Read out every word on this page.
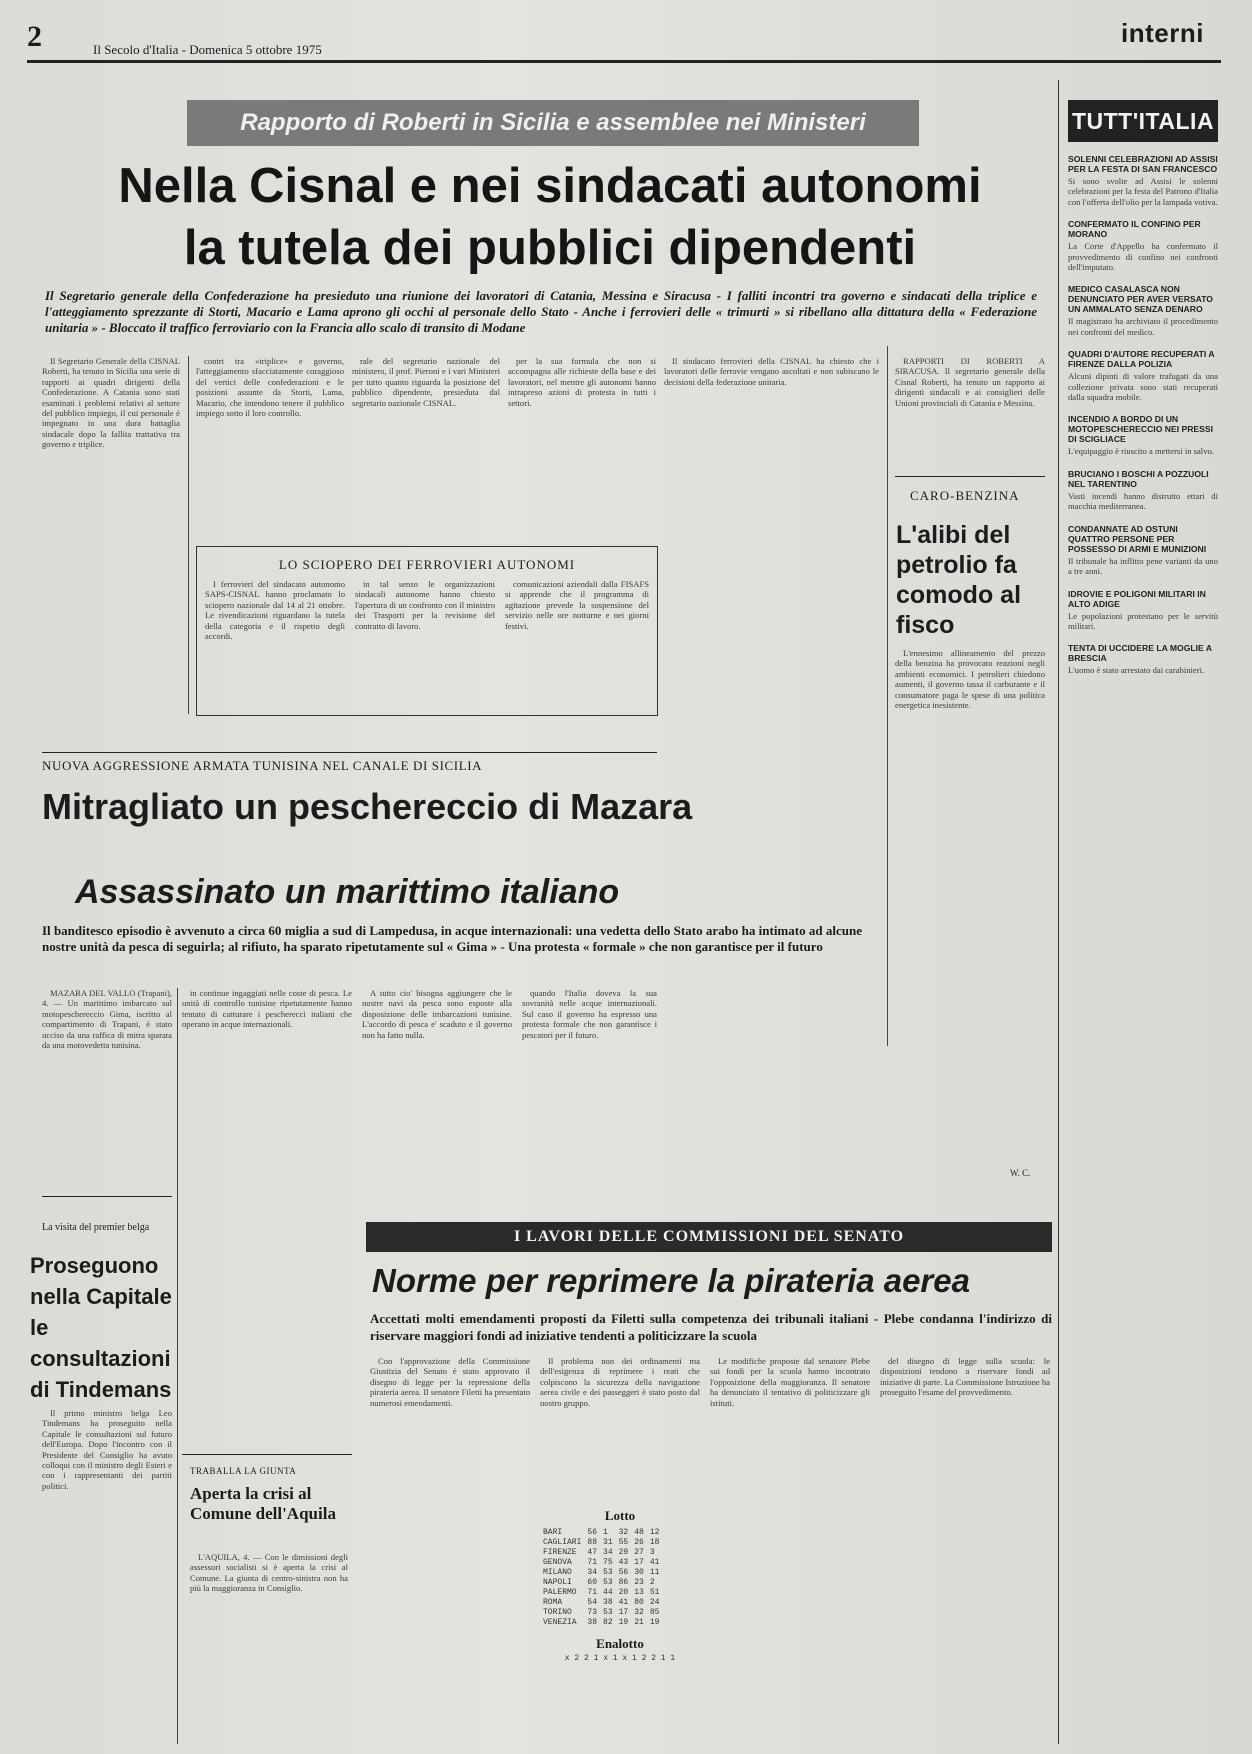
2	Il Secolo d'Italia - Domenica 5 ottobre 1975
interni
Rapporto di Roberti in Sicilia e assemblee nei Ministeri
Nella Cisnal e nei sindacati autonomi
la tutela dei pubblici dipendenti
Il Segretario generale della Confederazione ha presieduto una riunione dei lavoratori di Catania, Messina e Siracusa - I falliti incontri tra governo e sindacati della triplice e l'atteggiamento sprezzante di Storti, Macario e Lama aprono gli occhi al personale dello Stato - Anche i ferrovieri delle « trimurti » si ribellano alla dittatura della « Federazione unitaria » - Bloccato il traffico ferroviario con la Francia allo scalo di transito di Modane

Il Segretario Generale della CISNAL Roberti, ha tenuto in Sicilia una serie di rapporti ai quadri dirigenti della Confederazione. A Catania sono stati esaminati i problemi relativi al settore del pubblico impiego, il cui personale è impegnato in una dura battaglia sindacale dopo la fallita trattativa tra governo e triplice.

contri tra «triplice» e governo, l'atteggiamento sfacciatamente coraggioso del vertici delle confederazioni e le posizioni assunte da Storti, Lama, Macario, che intendono tenere il pubblico impiego sotto il loro controllo.

rale del segretario nazionale del ministero, il prof. Pieroni e i vari Ministeri per tutto quanto riguarda la posizione del pubblico dipendente, presieduta dal segretario nazionale CISNAL.

per la sua formula che non si accompagna alle richieste della base e dei lavoratori, nel mentre gli autonomi hanno intrapreso azioni di protesta in tutti i settori.

Il sindacato ferrovieri della CISNAL ha chiesto che i lavoratori delle ferrovie vengano ascoltati e non subiscano le decisioni della federazione unitaria.

RAPPORTI DI ROBERTI A SIRACUSA. Il segretario generale della Cisnal Roberti, ha tenuto un rapporto ai dirigenti sindacali e ai consiglieri delle Unioni provinciali di Catania e Messina.

LO SCIOPERO DEI FERROVIERI AUTONOMI

I ferrovieri del sindacato autonomo SAPS-CISNAL hanno proclamato lo sciopero nazionale dal 14 al 21 ottobre. Le rivendicazioni riguardano la tutela della categoria e il rispetto degli accordi.

in tal senso le organizzazioni sindacali autonome hanno chiesto l'apertura di un confronto con il ministro dei Trasporti per la revisione del contratto di lavoro.

comunicazioni aziendali dalla FISAFS si apprende che il programma di agitazione prevede la sospensione del servizio nelle ore notturne e nei giorni festivi.

CARO-BENZINA
L'alibi del petrolio fa comodo al fisco

L'ennesimo allineamento del prezzo della benzina ha provocato reazioni negli ambienti economici. I petrolieri chiedono aumenti, il governo tassa il carburante e il consumatore paga le spese di una politica energetica inesistente.

W. C.
NUOVA AGGRESSIONE ARMATA TUNISINA NEL CANALE DI SICILIA
Mitragliato un peschereccio di Mazara
Assassinato un marittimo italiano
Il banditesco episodio è avvenuto a circa 60 miglia a sud di Lampedusa, in acque internazionali: una vedetta dello Stato arabo ha intimato ad alcune nostre unità da pesca di seguirla; al rifiuto, ha sparato ripetutamente sul « Gima » - Una protesta « formale » che non garantisce per il futuro

MAZARA DEL VALLO (Trapani), 4. — Un marittimo imbarcato sul motopeschereccio Gima, iscritto al compartimento di Trapani, è stato ucciso da una raffica di mitra sparata da una motovedetta tunisina.

in continue ingaggiati nelle coste di pesca. Le unità di controllo tunisine ripetutamente hanno tentato di catturare i pescherecci italiani che operano in acque internazionali.

A tutto cio' bisogna aggiungere che le nostre navi da pesca sono esposte alla disposizione delle imbarcazioni tunisine. L'accordo di pesca e' scaduto e il governo non ha fatto nulla.

quando l'Italia doveva la sua sovranità nelle acque internazionali. Sul caso il governo ha espresso una protesta formale che non garantisce i pescatori per il futuro.

La visita del premier belga
Proseguono nella Capitale le consultazioni di Tindemans

Il primo ministro belga Leo Tindemans ha proseguito nella Capitale le consultazioni sul futuro dell'Europa. Dopo l'incontro con il Presidente del Consiglio ha avuto colloqui con il ministro degli Esteri e con i rappresentanti dei partiti politici.

TRABALLA LA GIUNTA
Aperta la crisi al Comune dell'Aquila

L'AQUILA, 4. — Con le dimissioni degli assessori socialisti si è aperta la crisi al Comune. La giunta di centro-sinistra non ha più la maggioranza in Consiglio.

I LAVORI DELLE COMMISSIONI DEL SENATO
Norme per reprimere la pirateria aerea
Accettati molti emendamenti proposti da Filetti sulla competenza dei tribunali italiani - Plebe condanna l'indirizzo di riservare maggiori fondi ad iniziative tendenti a politicizzare la scuola

Con l'approvazione della Commissione Giustizia del Senato è stato approvato il disegno di legge per la repressione della pirateria aerea. Il senatore Filetti ha presentato numerosi emendamenti.

Il problema non dei ordinamenti ma dell'esigenza di reprimere i reati che colpiscono la sicurezza della navigazione aerea civile e dei passeggeri è stato posto dal nostro gruppo.

Le modifiche proposte dal senatore Plebe sui fondi per la scuola hanno incontrato l'opposizione della maggioranza. Il senatore ha denunciato il tentativo di politicizzare gli istituti.

del disegno di legge sulla scuola: le disposizioni tendono a riservare fondi ad iniziative di parte. La Commissione Istruzione ha proseguito l'esame del provvedimento.

Lotto
BARI	56	1	32	48	12
CAGLIARI	88	31	55	26	18
FIRENZE	47	34	29	27	3
GENOVA	71	75	43	17	41
MILANO	34	53	56	30	11
NAPOLI	60	53	86	23	2
PALERMO	71	44	20	13	51
ROMA	54	38	41	80	24
TORINO	73	53	17	32	85
VENEZIA	38	82	19	21	19
Enalotto
x 2 2 1 x 1 x 1 2 2 1 1
TUTT'ITALIA
SOLENNI CELEBRAZIONI AD ASSISI PER LA FESTA DI SAN FRANCESCO
Si sono svolte ad Assisi le solenni celebrazioni per la festa del Patrono d'Italia con l'offerta dell'olio per la lampada votiva.
CONFERMATO IL CONFINO PER MORANO
La Corte d'Appello ha confermato il provvedimento di confino nei confronti dell'imputato.
MEDICO CASALASCA NON DENUNCIATO PER AVER VERSATO UN AMMALATO SENZA DENARO
Il magistrato ha archiviato il procedimento nei confronti del medico.
QUADRI D'AUTORE RECUPERATI A FIRENZE DALLA POLIZIA
Alcuni dipinti di valore trafugati da una collezione privata sono stati recuperati dalla squadra mobile.
INCENDIO A BORDO DI UN MOTOPESCHERECCIO NEI PRESSI DI SCIGLIACE
L'equipaggio è riuscito a mettersi in salvo.
BRUCIANO I BOSCHI A POZZUOLI NEL TARENTINO
Vasti incendi hanno distrutto ettari di macchia mediterranea.
CONDANNATE AD OSTUNI QUATTRO PERSONE PER POSSESSO DI ARMI E MUNIZIONI
Il tribunale ha inflitto pene varianti da uno a tre anni.
IDROVIE E POLIGONI MILITARI IN ALTO ADIGE
Le popolazioni protestano per le servitù militari.
TENTA DI UCCIDERE LA MOGLIE A BRESCIA
L'uomo è stato arrestato dai carabinieri.
